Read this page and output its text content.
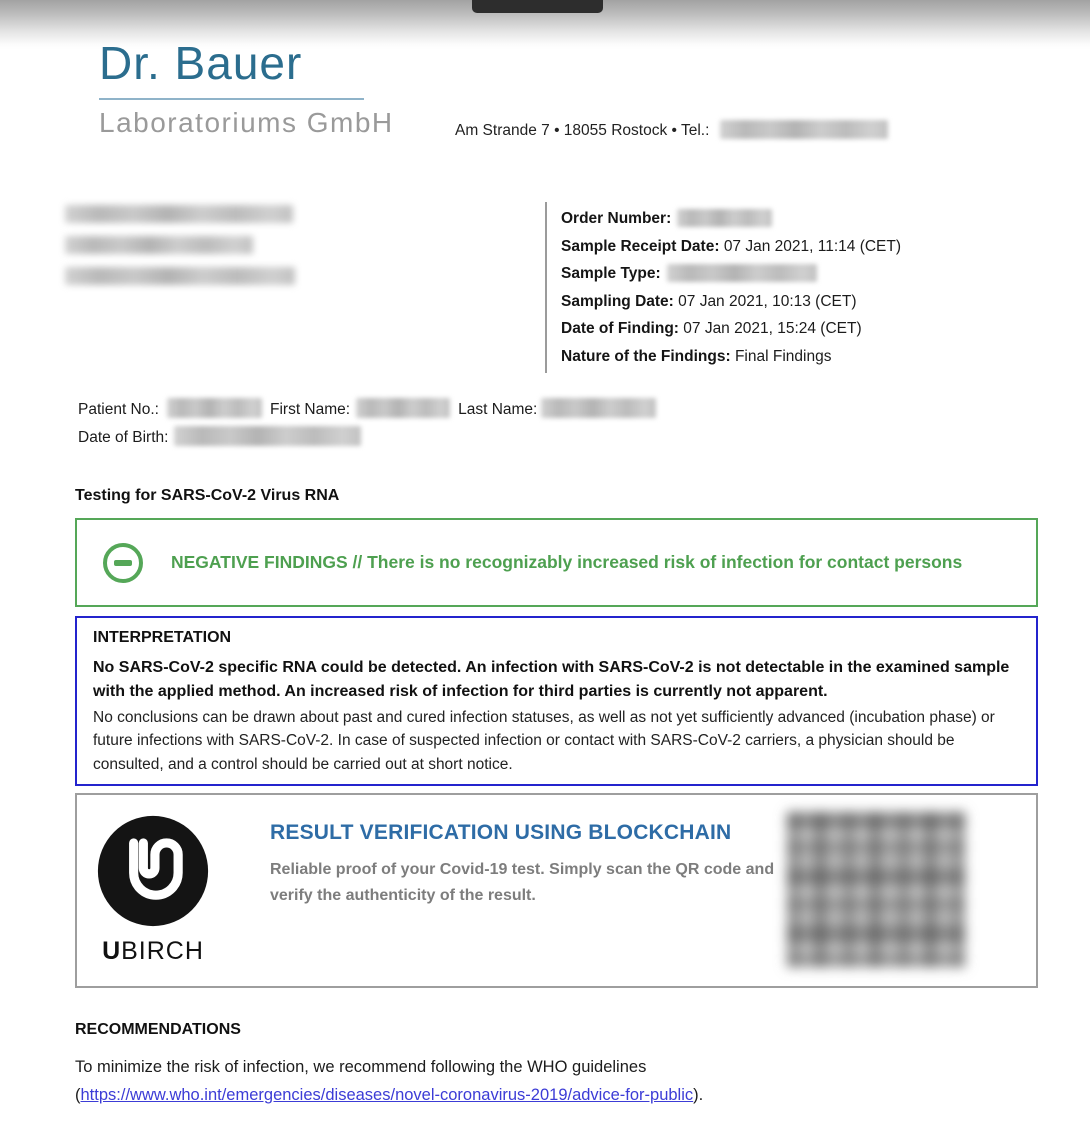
Dr. Bauer
Laboratoriums GmbH	Am Strande 7 • 18055 Rostock • Tel.:
Order Number:
Sample Receipt Date: 07 Jan 2021, 11:14 (CET)
Sample Type:
Sampling Date: 07 Jan 2021, 10:13 (CET)
Date of Finding: 07 Jan 2021, 15:24 (CET)
Nature of the Findings: Final Findings
Patient No.:	First Name:	Last Name:
Date of Birth:
Testing for SARS-CoV-2 Virus RNA
NEGATIVE FINDINGS // There is no recognizably increased risk of infection for contact persons
INTERPRETATION
No SARS-CoV-2 specific RNA could be detected. An infection with SARS-CoV-2 is not detectable in the examined sample with the applied method. An increased risk of infection for third parties is currently not apparent.
No conclusions can be drawn about past and cured infection statuses, as well as not yet sufficiently advanced (incubation phase) or future infections with SARS-CoV-2. In case of suspected infection or contact with SARS-CoV-2 carriers, a physician should be consulted, and a control should be carried out at short notice.
UBIRCH
RESULT VERIFICATION USING BLOCKCHAIN
Reliable proof of your Covid-19 test. Simply scan the QR code and verify the authenticity of the result.
RECOMMENDATIONS
To minimize the risk of infection, we recommend following the WHO guidelines
(https://www.who.int/emergencies/diseases/novel-coronavirus-2019/advice-for-public).
